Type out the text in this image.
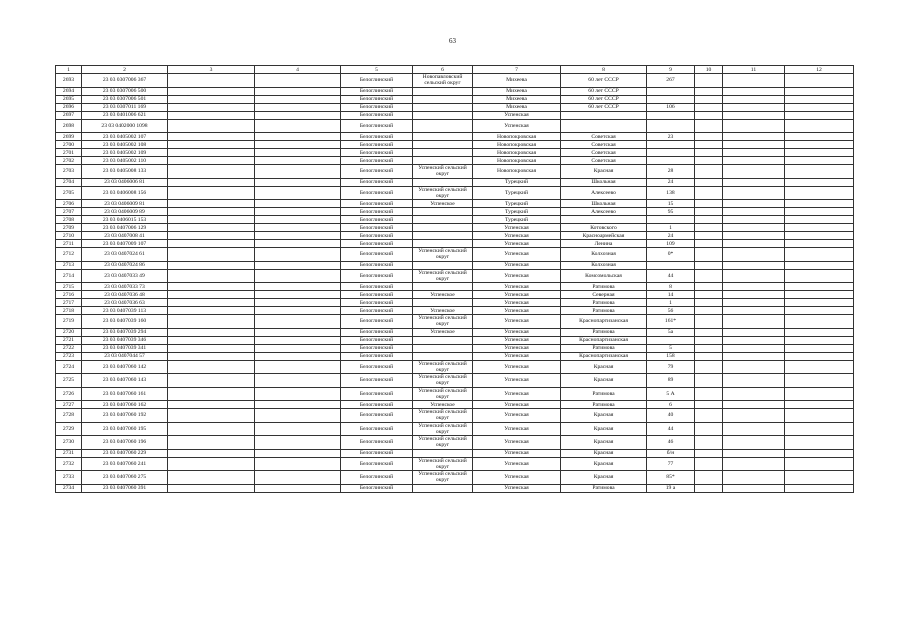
63
1	2	3	4	5	6	7	8	9	10	11	12
2693	23 03 0307006 367			Белоглинский	Новопавловский сельский округ	Михеева	60 лет СССР	267			
2694	23 03 0307006 500			Белоглинский		Михеева	60 лет СССР				
2695	23 03 0307006 501			Белоглинский		Михеева	60 лет СССР				
2696	23 03 0307011 169			Белоглинский		Михеева	60 лет СССР	106			
2697	23 03 0401006 621			Белоглинский		Успенская					
2698	23 03 0402000 1098			Белоглинский		Успенская					
2699	23 03 0405002 107			Белоглинский		Новопокровская	Советская	23			
2700	23 03 0405002 108			Белоглинский		Новопокровская	Советская				
2701	23 03 0405002 109			Белоглинский		Новопокровская	Советская				
2702	23 03 0405002 110			Белоглинский		Новопокровская	Советская				
2703	23 03 0405008 133			Белоглинский	Успенский сельский округ	Новопокровская	Красная	28			
2704	23 03 0406006 81			Белоглинский		Турецкий	Школьная	24			
2705	23 03 0406008 156			Белоглинский	Успенский сельский округ	Турецкий	Алексеево	138			
2706	23 03 0406009 81			Белоглинский	Успенское	Турецкий	Школьная	15			
2707	23 03 0406009 89			Белоглинский		Турецкий	Алексеево	95			
2708	23 03 0406015 153			Белоглинский		Турецкий					
2709	23 03 0407006 129			Белоглинский		Успенская	Котовского	1			
2710	23 03 0407008 41			Белоглинский		Успенская	Красноармейская	24			
2711	23 03 0407009 107			Белоглинский		Успенская	Ленина	109			
2712	23 03 0407024 61			Белоглинский	Успенский сельский округ	Успенская	Колхозная	0*			
2713	23 03 0407024 86			Белоглинский		Успенская	Колхозная				
2714	23 03 0407033 49			Белоглинский	Успенский сельский округ	Успенская	Комсомольская	44			
2715	23 03 0407033 73			Белоглинский		Успенская	Ратимова	8			
2716	23 03 0407036 48			Белоглинский	Успенское	Успенская	Северная	14			
2717	23 03 0407036 63			Белоглинский		Успенская	Ратимова	1			
2718	23 03 0407039 113			Белоглинский	Успенское	Успенская	Ратимова	56			
2719	23 03 0407039 160			Белоглинский	Успенский сельский округ	Успенская	Краснопартизанская	161*			
2720	23 03 0407039 294			Белоглинский	Успенское	Успенская	Ратимова	5а			
2721	23 03 0407039 346			Белоглинский		Успенская	Краснопартизанская				
2722	23 03 0407039 341			Белоглинский		Успенская	Ратимова	5			
2723	23 03 0407044 57			Белоглинский		Успенская	Краснопартизанская	158			
2724	23 03 0407060 142			Белоглинский	Успенский сельский округ	Успенская	Красная	79			
2725	23 03 0407060 143			Белоглинский	Успенский сельский округ	Успенская	Красная	89			
2726	23 03 0407060 161			Белоглинский	Успенский сельский округ	Успенская	Ратимова	5 А			
2727	23 03 0407060 162			Белоглинский	Успенское	Успенская	Ратимова	6			
2728	23 03 0407060 192			Белоглинский	Успенский сельский округ	Успенская	Красная	40			
2729	23 03 0407060 195			Белоглинский	Успенский сельский округ	Успенская	Красная	44			
2730	23 03 0407060 196			Белоглинский	Успенский сельский округ	Успенская	Красная	46			
2731	23 03 0407060 229			Белоглинский		Успенская	Красная	б/н			
2732	23 03 0407060 241			Белоглинский	Успенский сельский округ	Успенская	Красная	77			
2733	23 03 0407060 275			Белоглинский	Успенский сельский округ	Успенская	Красная	85*			
2734	23 03 0407060 391			Белоглинский		Успенская	Ратимова	19 а			
